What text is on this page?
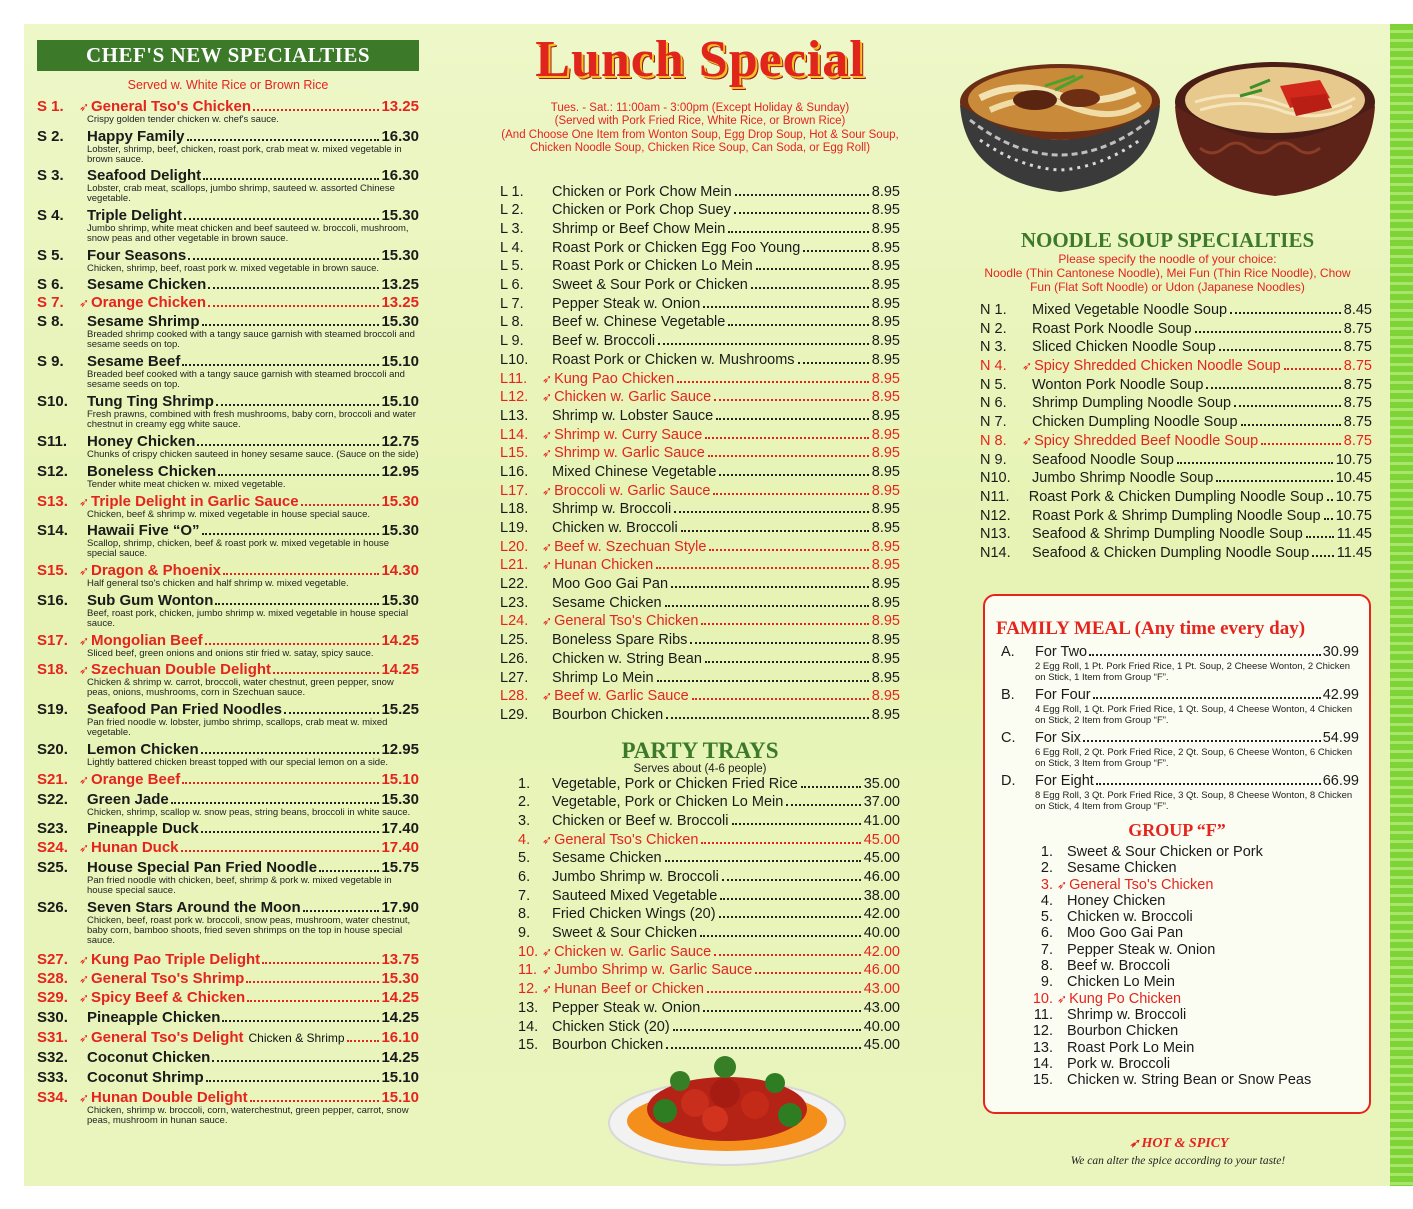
CHEF'S NEW SPECIALTIES
Served w. White Rice or Brown Rice
S 1.	➶ General Tso's Chicken	13.25
Crispy golden tender chicken w. chef's sauce.
S 2.	Happy Family	16.30
Lobster, shrimp, beef, chicken, roast pork, crab meat w. mixed vegetable in brown sauce.
S 3.	Seafood Delight	16.30
Lobster, crab meat, scallops, jumbo shrimp, sauteed w. assorted Chinese vegetable.
S 4.	Triple Delight	15.30
Jumbo shrimp, white meat chicken and beef sauteed w. broccoli, mushroom, snow peas and other vegetable in brown sauce.
S 5.	Four Seasons	15.30
Chicken, shrimp, beef, roast pork w. mixed vegetable in brown sauce.
S 6.	Sesame Chicken	13.25
S 7.	➶ Orange Chicken	13.25
S 8.	Sesame Shrimp	15.30
Breaded shrimp cooked with a tangy sauce garnish with steamed broccoli and sesame seeds on top.
S 9.	Sesame Beef	15.10
Breaded beef cooked with a tangy sauce garnish with steamed broccoli and sesame seeds on top.
S10.	Tung Ting Shrimp	15.10
Fresh prawns, combined with fresh mushrooms, baby corn, broccoli and water chestnut in creamy egg white sauce.
S11.	Honey Chicken	12.75
Chunks of crispy chicken sauteed in honey sesame sauce. (Sauce on the side)
S12.	Boneless Chicken	12.95
Tender white meat chicken w. mixed vegetable.
S13. ➶ Triple Delight in Garlic Sauce	15.30
Chicken, beef & shrimp w. mixed vegetable in house special sauce.
S14.	Hawaii Five “O”	15.30
Scallop, shrimp, chicken, beef & roast pork w. mixed vegetable in house special sauce.
S15. ➶ Dragon & Phoenix	14.30
Half general tso's chicken and half shrimp w. mixed vegetable.
S16.	Sub Gum Wonton	15.30
Beef, roast pork, chicken, jumbo shrimp w. mixed vegetable in house special sauce.
S17. ➶ Mongolian Beef	14.25
Sliced beef, green onions and onions stir fried w. satay, spicy sauce.
S18. ➶ Szechuan Double Delight	14.25
Chicken & shrimp w. carrot, broccoli, water chestnut, green pepper, snow peas, onions, mushrooms, corn in Szechuan sauce.
S19.	Seafood Pan Fried Noodles	15.25
Pan fried noodle w. lobster, jumbo shrimp, scallops, crab meat w. mixed vegetable.
S20.	Lemon Chicken	12.95
Lightly battered chicken breast topped with our special lemon on a side.
S21. ➶ Orange Beef	15.10
S22.	Green Jade	15.30
Chicken, shrimp, scallop w. snow peas, string beans, broccoli in white sauce.
S23.	Pineapple Duck	17.40
S24. ➶ Hunan Duck	17.40
S25.	House Special Pan Fried Noodle	15.75
Pan fried noodle with chicken, beef, shrimp & pork w. mixed vegetable in house special sauce.
S26.	Seven Stars Around the Moon	17.90
Chicken, beef, roast pork w. broccoli, snow peas, mushroom, water chestnut, baby corn, bamboo shoots, fried seven shrimps on the top in house special sauce.
S27. ➶ Kung Pao Triple Delight	13.75
S28. ➶ General Tso's Shrimp	15.30
S29. ➶ Spicy Beef & Chicken	14.25
S30.	Pineapple Chicken	14.25
S31. ➶ General Tso's Delight Chicken & Shrimp 16.10
S32.	Coconut Chicken	14.25
S33.	Coconut Shrimp	15.10
S34. ➶ Hunan Double Delight	15.10
Chicken, shrimp w. broccoli, corn, waterchestnut, green pepper, carrot, snow peas, mushroom in hunan sauce.
Lunch Special
Tues. - Sat.: 11:00am - 3:00pm (Except Holiday & Sunday)
(Served with Pork Fried Rice, White Rice, or Brown Rice)
(And Choose One Item from Wonton Soup, Egg Drop Soup, Hot & Sour Soup,
Chicken Noodle Soup, Chicken Rice Soup, Can Soda, or Egg Roll)
L 1.	Chicken or Pork Chow Mein	8.95
L 2.	Chicken or Pork Chop Suey	8.95
L 3.	Shrimp or Beef Chow Mein	8.95
L 4.	Roast Pork or Chicken Egg Foo Young	8.95
L 5.	Roast Pork or Chicken Lo Mein	8.95
L 6.	Sweet & Sour Pork or Chicken	8.95
L 7.	Pepper Steak w. Onion	8.95
L 8.	Beef w. Chinese Vegetable	8.95
L 9.	Beef w. Broccoli	8.95
L10.	Roast Pork or Chicken w. Mushrooms	8.95
L11.	➶ Kung Pao Chicken	8.95
L12.	➶ Chicken w. Garlic Sauce	8.95
L13.	Shrimp w. Lobster Sauce	8.95
L14.	➶ Shrimp w. Curry Sauce	8.95
L15.	➶ Shrimp w. Garlic Sauce	8.95
L16.	Mixed Chinese Vegetable	8.95
L17.	➶ Broccoli w. Garlic Sauce	8.95
L18.	Shrimp w. Broccoli	8.95
L19.	Chicken w. Broccoli	8.95
L20.	➶ Beef w. Szechuan Style	8.95
L21.	➶ Hunan Chicken	8.95
L22.	Moo Goo Gai Pan	8.95
L23.	Sesame Chicken	8.95
L24.	➶ General Tso's Chicken	8.95
L25.	Boneless Spare Ribs	8.95
L26.	Chicken w. String Bean	8.95
L27.	Shrimp Lo Mein	8.95
L28.	➶ Beef w. Garlic Sauce	8.95
L29.	Bourbon Chicken	8.95
PARTY TRAYS
Serves about (4-6 people)
1.	Vegetable, Pork or Chicken Fried Rice	35.00
2.	Vegetable, Pork or Chicken Lo Mein	37.00
3.	Chicken or Beef w. Broccoli	41.00
4. ➶ General Tso's Chicken	45.00
5.	Sesame Chicken	45.00
6.	Jumbo Shrimp w. Broccoli	46.00
7.	Sauteed Mixed Vegetable	38.00
8.	Fried Chicken Wings (20)	42.00
9.	Sweet & Sour Chicken	40.00
10. ➶ Chicken w. Garlic Sauce	42.00
11. ➶ Jumbo Shrimp w. Garlic Sauce	46.00
12. ➶ Hunan Beef or Chicken	43.00
13. Pepper Steak w. Onion	43.00
14. Chicken Stick (20)	40.00
15. Bourbon Chicken	45.00
NOODLE SOUP SPECIALTIES
Please specify the noodle of your choice:
Noodle (Thin Cantonese Noodle), Mei Fun (Thin Rice Noodle), Chow
Fun (Flat Soft Noodle) or Udon (Japanese Noodles)
N 1.	Mixed Vegetable Noodle Soup	8.45
N 2.	Roast Pork Noodle Soup	8.75
N 3.	Sliced Chicken Noodle Soup	8.75
N 4.	➶ Spicy Shredded Chicken Noodle Soup	8.75
N 5.	Wonton Pork Noodle Soup	8.75
N 6.	Shrimp Dumpling Noodle Soup	8.75
N 7.	Chicken Dumpling Noodle Soup	8.75
N 8.	➶ Spicy Shredded Beef Noodle Soup	8.75
N 9.	Seafood Noodle Soup	10.75
N10.	Jumbo Shrimp Noodle Soup	10.45
N11.	Roast Pork & Chicken Dumpling Noodle Soup 10.75
N12.	Roast Pork & Shrimp Dumpling Noodle Soup 10.75
N13.	Seafood & Shrimp Dumpling Noodle Soup 11.45
N14.	Seafood & Chicken Dumpling Noodle Soup 11.45
FAMILY MEAL (Any time every day)
A.	For Two	30.99
2 Egg Roll, 1 Pt. Pork Fried Rice, 1 Pt. Soup, 2 Cheese Wonton, 2 Chicken on Stick, 1 Item from Group “F”.
B.	For Four	42.99
4 Egg Roll, 1 Qt. Pork Fried Rice, 1 Qt. Soup, 4 Cheese Wonton, 4 Chicken on Stick, 2 Item from Group “F”.
C.	For Six	54.99
6 Egg Roll, 2 Qt. Pork Fried Rice, 2 Qt. Soup, 6 Cheese Wonton, 6 Chicken on Stick, 3 Item from Group “F”.
D.	For Eight	66.99
8 Egg Roll, 3 Qt. Pork Fried Rice, 3 Qt. Soup, 8 Cheese Wonton, 8 Chicken on Stick, 4 Item from Group “F”.
GROUP “F”
1. Sweet & Sour Chicken or Pork
2. Sesame Chicken
3. ➶ General Tso's Chicken
4. Honey Chicken
5. Chicken w. Broccoli
6. Moo Goo Gai Pan
7. Pepper Steak w. Onion
8. Beef w. Broccoli
9. Chicken Lo Mein
10. ➶ Kung Po Chicken
11. Shrimp w. Broccoli
12. Bourbon Chicken
13. Roast Pork Lo Mein
14. Pork w. Broccoli
15. Chicken w. String Bean or Snow Peas
➶ HOT & SPICY
We can alter the spice according to your taste!
